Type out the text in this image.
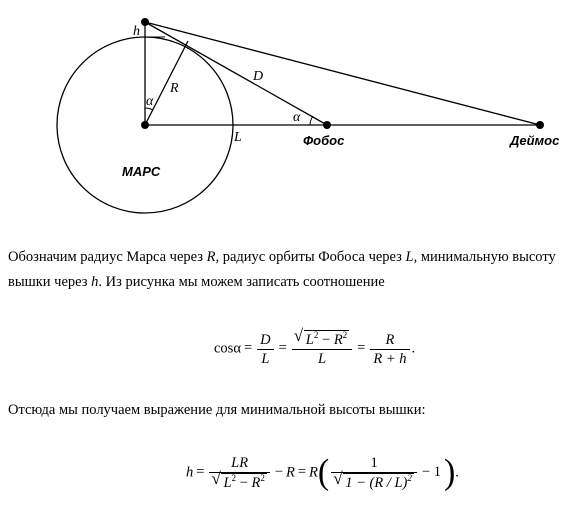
h
R
D
L
α
α
МАРС
Фобос	Деймос
Обозначим радиус Марса через R, радиус орбиты Фобоса через L, минимальную высоту вышки через h. Из рисунка мы можем записать соотношение
$\cos\alpha = \frac{D}{L}$ =
√ $\frac{L^2 - R^2}{L} = \frac{R}{R + h}$ .
Отсюда мы получаем выражение для минимальной высоты вышки:
h = LR
√ $L^2 - R^2 - R = R$( 1
√ 1 − (R / L)$^2$ − 1).
